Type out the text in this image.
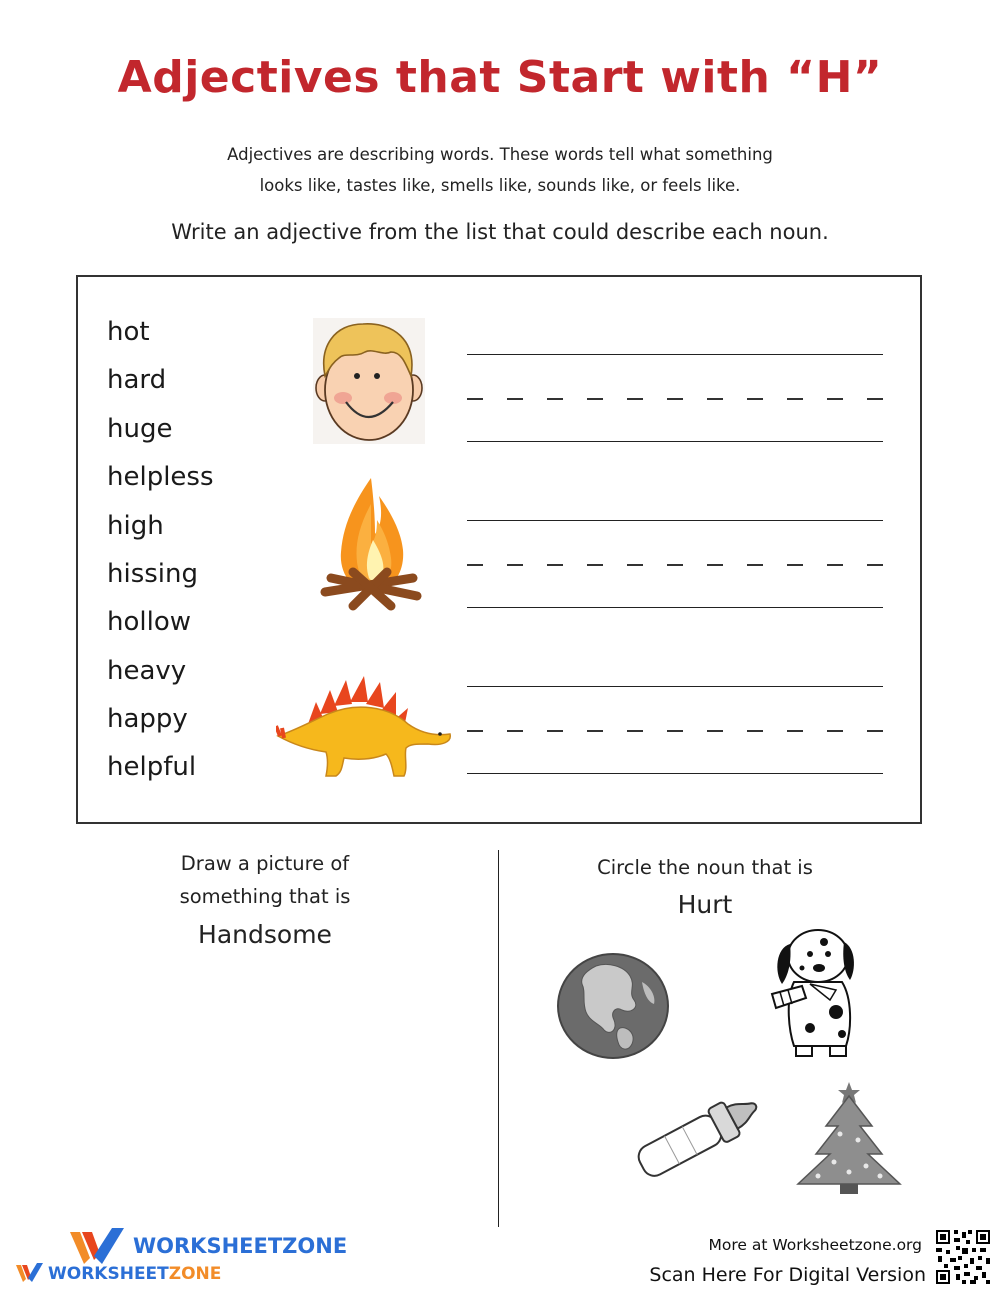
Adjectives that Start with “H”
Adjectives are describing words. These words tell what something
looks like, tastes like, smells like, sounds like, or feels like.
Write an adjective from the list that could describe each noun.
hot
hard
huge
helpless
high
hissing
hollow
heavy
happy
helpful
Draw a picture of
something that is
Handsome
Circle the noun that is
Hurt
WORKSHEETZONE
WORKSHEETZONE
More at Worksheetzone.org
Scan Here For Digital Version
